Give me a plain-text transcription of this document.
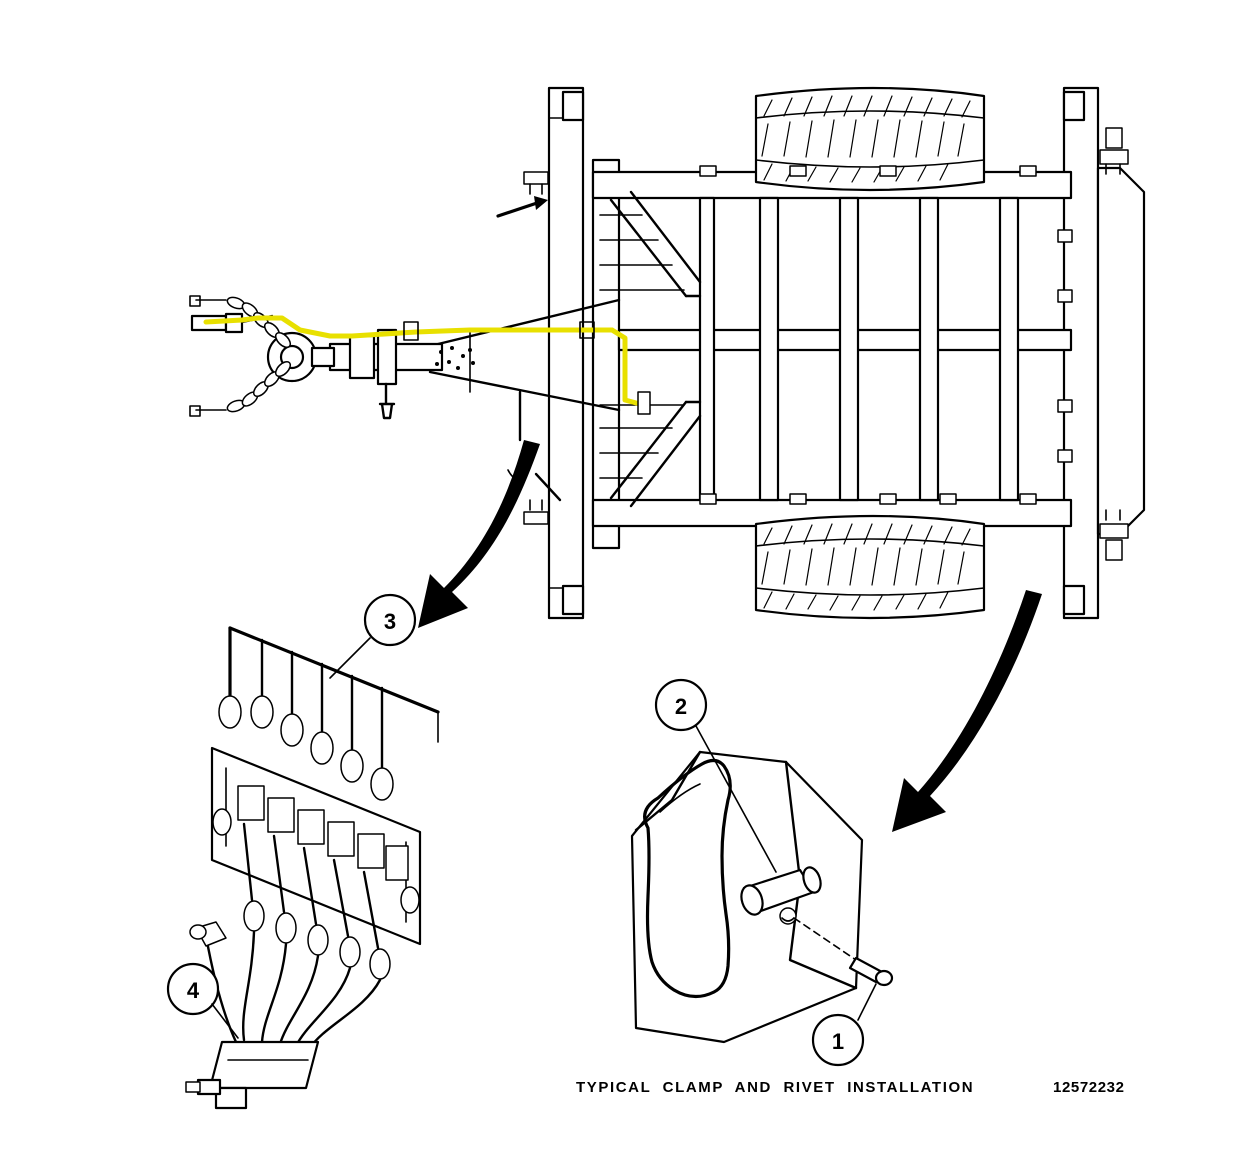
3
4
2
1
TYPICAL  CLAMP  AND  RIVET  INSTALLATION	12572232
